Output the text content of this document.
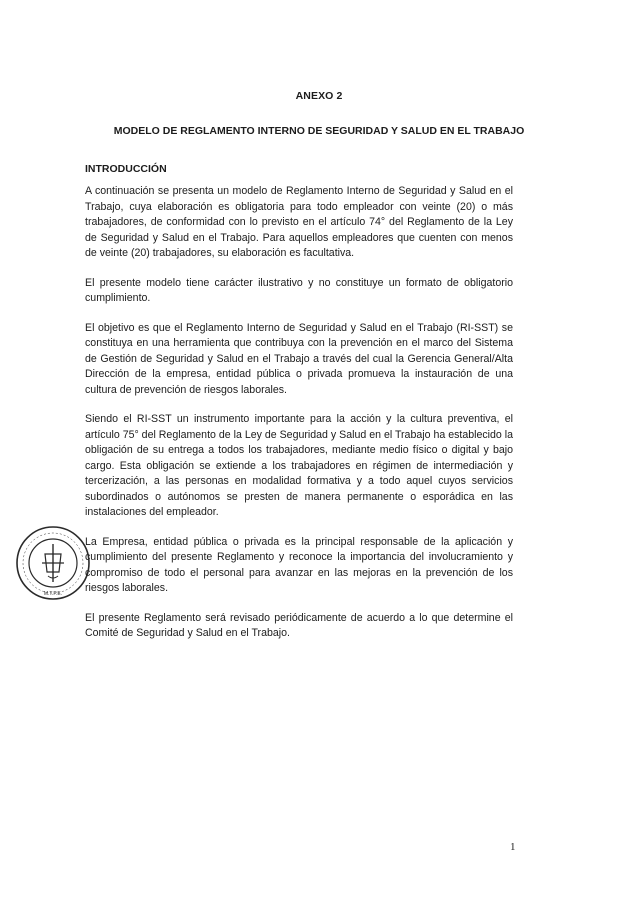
ANEXO 2
MODELO DE REGLAMENTO INTERNO DE SEGURIDAD Y SALUD EN EL TRABAJO
INTRODUCCIÓN

A continuación se presenta un modelo de Reglamento Interno de Seguridad y Salud en el Trabajo, cuya elaboración es obligatoria para todo empleador con veinte (20) o más trabajadores, de conformidad con lo previsto en el artículo 74° del Reglamento de la Ley de Seguridad y Salud en el Trabajo. Para aquellos empleadores que cuenten con menos de veinte (20) trabajadores, su elaboración es facultativa.

El presente modelo tiene carácter ilustrativo y no constituye un formato de obligatorio cumplimiento.

El objetivo es que el Reglamento Interno de Seguridad y Salud en el Trabajo (RI-SST) se constituya en una herramienta que contribuya con la prevención en el marco del Sistema de Gestión de Seguridad y Salud en el Trabajo a través del cual la Gerencia General/Alta Dirección de la empresa, entidad pública o privada promueva la instauración de una cultura de prevención de riesgos laborales.

Siendo el RI-SST un instrumento importante para la acción y la cultura preventiva, el artículo 75° del Reglamento de la Ley de Seguridad y Salud en el Trabajo ha establecido la obligación de su entrega a todos los trabajadores, mediante medio físico o digital y bajo cargo. Esta obligación se extiende a los trabajadores en régimen de intermediación y tercerización, a las personas en modalidad formativa y a todo aquel cuyos servicios subordinados o autónomos se presten de manera permanente o esporádica en las instalaciones del empleador.

La Empresa, entidad pública o privada es la principal responsable de la aplicación y cumplimiento del presente Reglamento y reconoce la importancia del involucramiento y compromiso de todo el personal para avanzar en las mejoras en la prevención de los riesgos laborales.

El presente Reglamento será revisado periódicamente de acuerdo a lo que determine el Comité de Seguridad y Salud en el Trabajo.

M.T.P.E.
1
